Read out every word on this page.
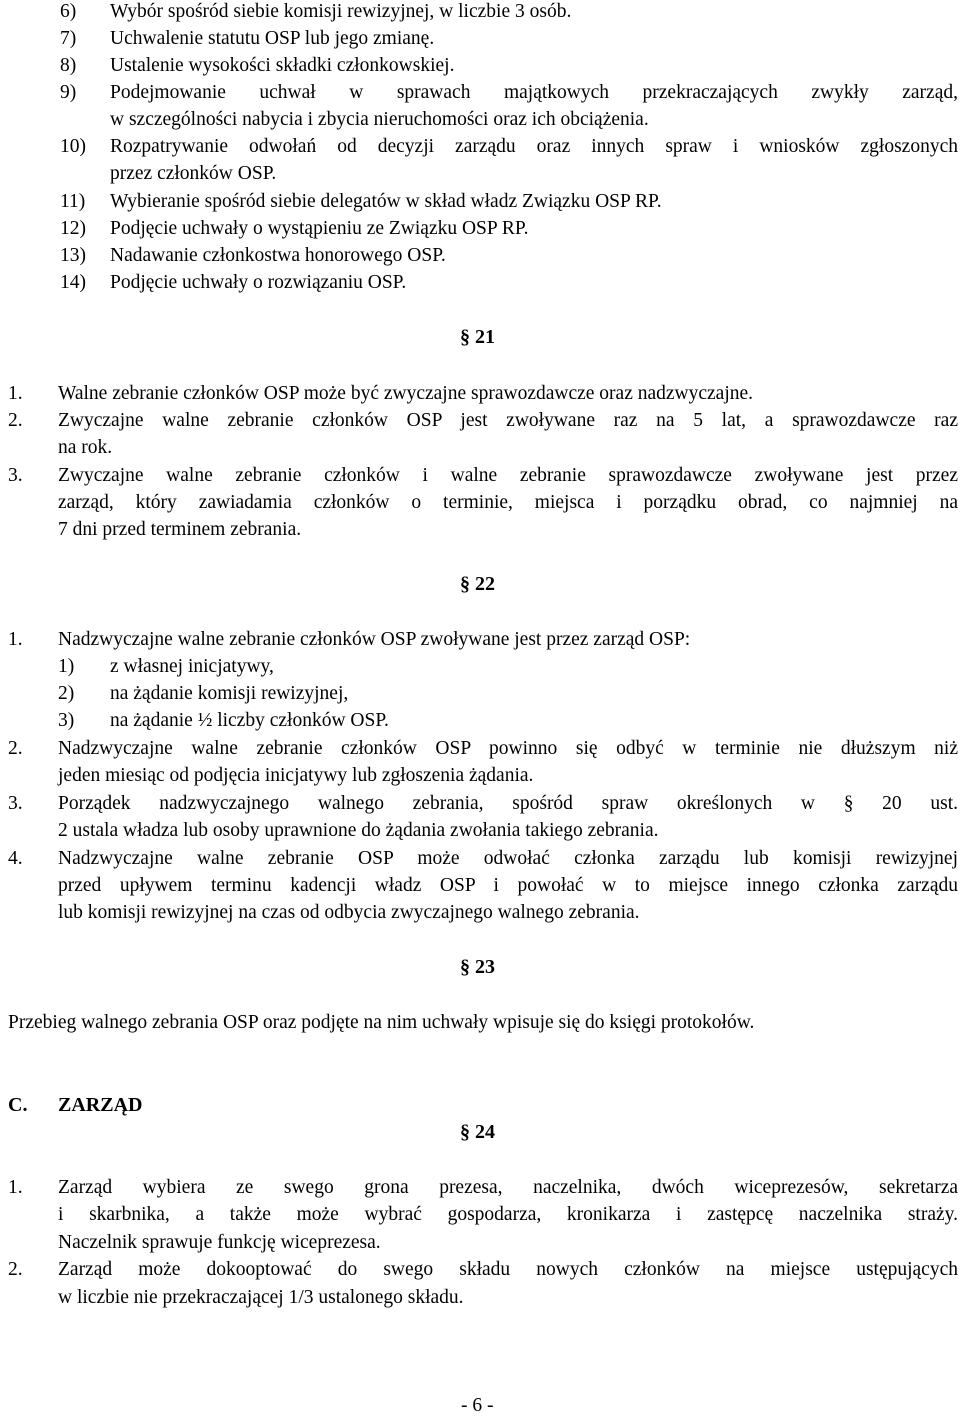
6) Wybór spośród siebie komisji rewizyjnej, w liczbie 3 osób.

7) Uchwalenie statutu OSP lub jego zmianę.

8) Ustalenie wysokości składki członkowskiej.

9) Podejmowanie uchwał w sprawach majątkowych przekraczających zwykły zarząd,

w szczególności nabycia i zbycia nieruchomości oraz ich obciążenia.

10) Rozpatrywanie odwołań od decyzji zarządu oraz innych spraw i wniosków zgłoszonych

przez członków OSP.

11) Wybieranie spośród siebie delegatów w skład władz Związku OSP RP.

12) Podjęcie uchwały o wystąpieniu ze Związku OSP RP.

13) Nadawanie członkostwa honorowego OSP.

14) Podjęcie uchwały o rozwiązaniu OSP.

§ 21

1. Walne zebranie członków OSP może być zwyczajne sprawozdawcze oraz nadzwyczajne.

2. Zwyczajne walne zebranie członków OSP jest zwoływane raz na 5 lat, a sprawozdawcze raz

na rok.

3. Zwyczajne walne zebranie członków i walne zebranie sprawozdawcze zwoływane jest przez

zarząd, który zawiadamia członków o terminie, miejsca i porządku obrad, co najmniej na

7 dni przed terminem zebrania.

§ 22

1. Nadzwyczajne walne zebranie członków OSP zwoływane jest przez zarząd OSP:

1) z własnej inicjatywy,

2) na żądanie komisji rewizyjnej,

3) na żądanie ½ liczby członków OSP.

2. Nadzwyczajne walne zebranie członków OSP powinno się odbyć w terminie nie dłuższym niż

jeden miesiąc od podjęcia inicjatywy lub zgłoszenia żądania.

3. Porządek nadzwyczajnego walnego zebrania, spośród spraw określonych w § 20 ust.

2 ustala władza lub osoby uprawnione do żądania zwołania takiego zebrania.

4. Nadzwyczajne walne zebranie OSP może odwołać członka zarządu lub komisji rewizyjnej

przed upływem terminu kadencji władz OSP i powołać w to miejsce innego członka zarządu

lub komisji rewizyjnej na czas od odbycia zwyczajnego walnego zebrania.

§ 23

Przebieg walnego zebrania OSP oraz podjęte na nim uchwały wpisuje się do księgi protokołów.

C. ZARZĄD

§ 24

1. Zarząd wybiera ze swego grona prezesa, naczelnika, dwóch wiceprezesów, sekretarza

i skarbnika, a także może wybrać gospodarza, kronikarza i zastępcę naczelnika straży.

Naczelnik sprawuje funkcję wiceprezesa.

2. Zarząd może dokooptować do swego składu nowych członków na miejsce ustępujących

w liczbie nie przekraczającej 1/3 ustalonego składu.

- 6 -
